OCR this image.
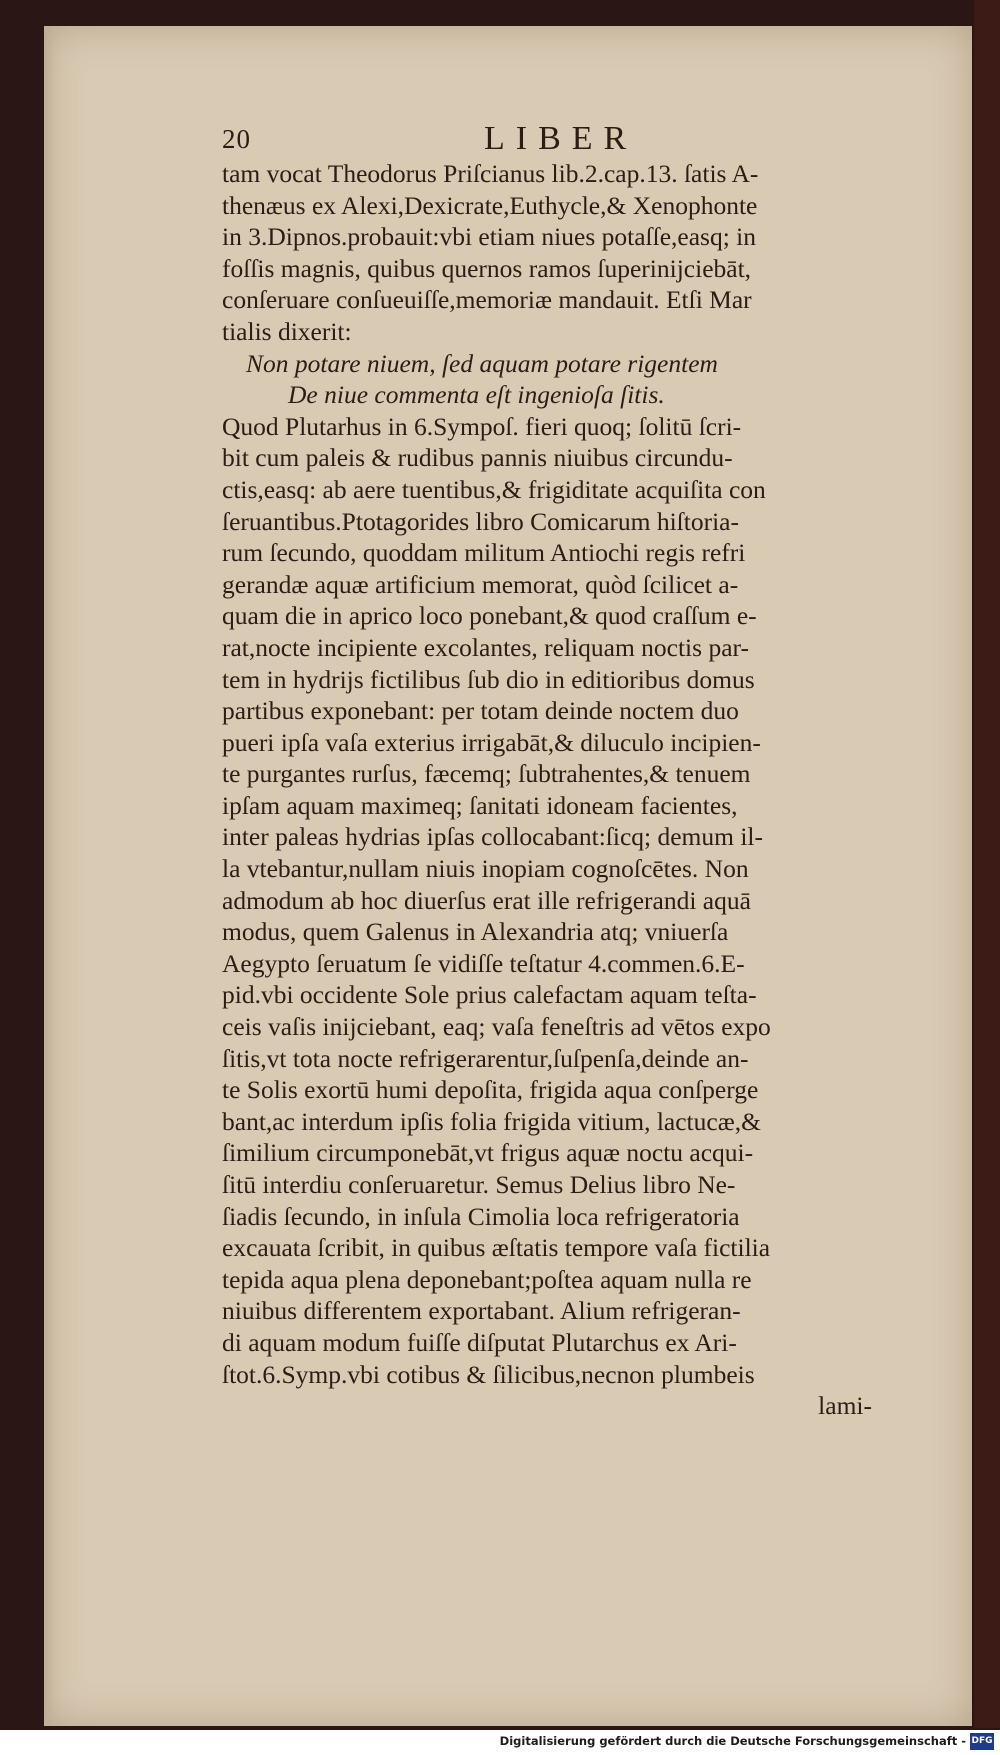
20	LIBER
tam vocat Theodorus Priſcianus lib.2.cap.13. ſatis A-
thenæus ex Alexi,Dexicrate,Euthycle,& Xenophonte
in 3.Dipnos.probauit:vbi etiam niues potaſſe,easq; in
foſſis magnis, quibus quernos ramos ſuperinijciebāt,
conſeruare conſueuiſſe,memoriæ mandauit. Etſi Mar
tialis dixerit:
Non potare niuem, ſed aquam potare rigentem
De niue commenta eſt ingenioſa ſitis.
Quod Plutarhus in 6.Sympoſ. fieri quoq; ſolitū ſcri-
bit cum paleis & rudibus pannis niuibus circundu-
ctis,easq: ab aere tuentibus,& frigiditate acquiſita con
ſeruantibus.Ptotagorides libro Comicarum hiſtoria-
rum ſecundo, quoddam militum Antiochi regis refri
gerandæ aquæ artificium memorat, quòd ſcilicet a-
quam die in aprico loco ponebant,& quod craſſum e-
rat,nocte incipiente excolantes, reliquam noctis par-
tem in hydrijs fictilibus ſub dio in editioribus domus
partibus exponebant: per totam deinde noctem duo
pueri ipſa vaſa exterius irrigabāt,& diluculo incipien-
te purgantes rurſus, fæcemq; ſubtrahentes,& tenuem
ipſam aquam maximeq; ſanitati idoneam facientes,
inter paleas hydrias ipſas collocabant:ſicq; demum il-
la vtebantur,nullam niuis inopiam cognoſcētes. Non
admodum ab hoc diuerſus erat ille refrigerandi aquā
modus, quem Galenus in Alexandria atq; vniuerſa
Aegypto ſeruatum ſe vidiſſe teſtatur 4.commen.6.E-
pid.vbi occidente Sole prius calefactam aquam teſta-
ceis vaſis inijciebant, eaq; vaſa feneſtris ad vētos expo
ſitis,vt tota nocte refrigerarentur,ſuſpenſa,deinde an-
te Solis exortū humi depoſita, frigida aqua conſperge
bant,ac interdum ipſis folia frigida vitium, lactucæ,&
ſimilium circumponebāt,vt frigus aquæ noctu acqui-
ſitū interdiu conſeruaretur. Semus Delius libro Ne-
ſiadis ſecundo, in inſula Cimolia loca refrigeratoria
excauata ſcribit, in quibus æſtatis tempore vaſa fictilia
tepida aqua plena deponebant;poſtea aquam nulla re
niuibus differentem exportabant. Alium refrigeran-
di aquam modum fuiſſe diſputat Plutarchus ex Ari-
ſtot.6.Symp.vbi cotibus & ſilicibus,necnon plumbeis
lami-
Digitalisierung gefördert durch die Deutsche Forschungsgemeinschaft - DFG
